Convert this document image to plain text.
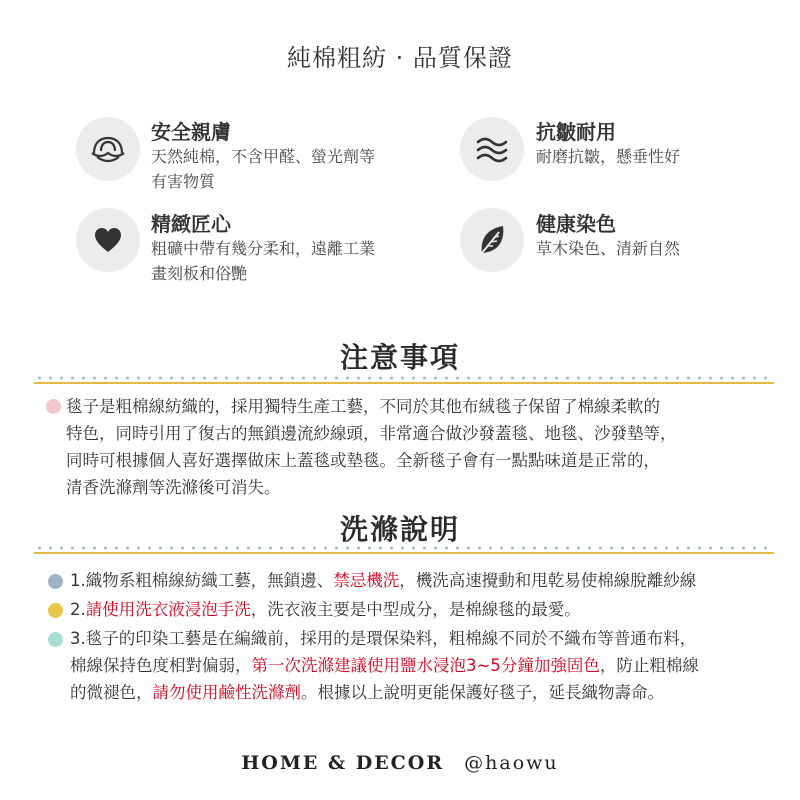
純棉粗紡 · 品質保證
安全親膚
天然純棉，不含甲醛、螢光劑等
有害物質
抗皺耐用
耐磨抗皺，懸垂性好
精緻匠心
粗礦中帶有幾分柔和，遠離工業
畫刻板和俗艷
健康染色
草木染色、清新自然
注意事項
毯子是粗棉線紡織的，採用獨特生產工藝，不同於其他布絨毯子保留了棉線柔軟的
特色，同時引用了復古的無鎖邊流紗線頭，非常適合做沙發蓋毯、地毯、沙發墊等，
同時可根據個人喜好選擇做床上蓋毯或墊毯。全新毯子會有一點點味道是正常的，
清香洗滌劑等洗滌後可消失。
洗滌說明
1.織物系粗棉線紡織工藝，無鎖邊、禁忌機洗，機洗高速攪動和甩乾易使棉線脫離紗線
2.請使用洗衣液浸泡手洗，洗衣液主要是中型成分，是棉線毯的最愛。
3.毯子的印染工藝是在編織前，採用的是環保染料，粗棉線不同於不織布等普通布料，
棉線保持色度相對偏弱，第一次洗滌建議使用鹽水浸泡3~5分鐘加強固色，防止粗棉線
的微褪色，請勿使用鹼性洗滌劑。根據以上說明更能保護好毯子，延長織物壽命。
HOME & DECOR @haowu
